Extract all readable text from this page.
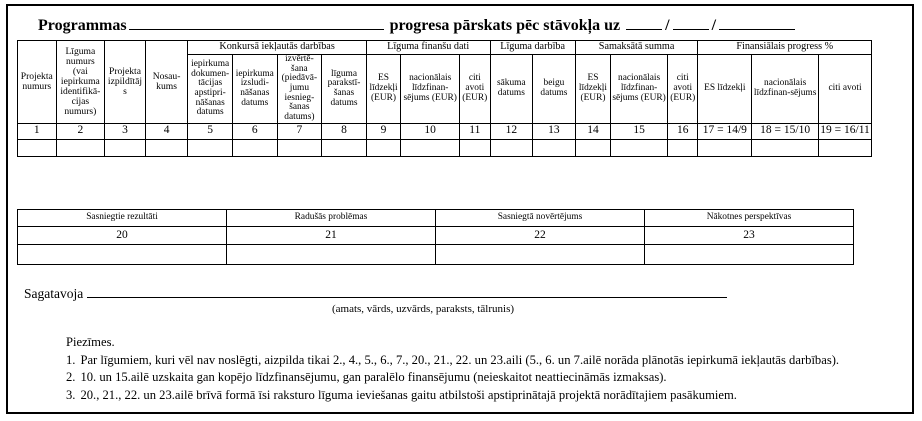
Programmas	progresa pārskats pēc stāvokļa uz	/	/
Projekta numurs	Līguma numurs (vai iepirkuma identifikā-cijas numurs)	Projekta izpildītājs	Nosau-kums	Konkursā iekļautās darbības				Līguma finanšu dati			Līguma darbība		Samaksātā summa			Finansiālais progress %		
				iepirkuma dokumen-tācijas apstipri-nāšanas datums	iepirkuma izsludi-nāšanas datums	izvērtē-šana (piedāvā-jumu iesnieg-šanas datums)	līguma parakstī-šanas datums	ES līdzekļi (EUR)	nacionālais līdzfinan-sējums (EUR)	citi avoti (EUR)	sākuma datums	beigu datums	ES līdzekļi (EUR)	nacionālais līdzfinan-sējums (EUR)	citi avoti (EUR)	ES līdzekļi	nacionālais līdzfinan-sējums	citi avoti
1	2	3	4	5	6	7	8	9	10	11	12	13	14	15	16	17 = 14/9	18 = 15/10	19 = 16/11

Sasniegtie rezultāti	Radušās problēmas	Sasniegtā novērtējums	Nākotnes perspektīvas
20	21	22	23

Sagatavoja
(amats, vārds, uzvārds, paraksts, tālrunis)
Piezīmes.
1. Par līgumiem, kuri vēl nav noslēgti, aizpilda tikai 2., 4., 5., 6., 7., 20., 21., 22. un 23.aili (5., 6. un 7.ailē norāda plānotās iepirkumā iekļautās darbības).
2. 10. un 15.ailē uzskaita gan kopējo līdzfinansējumu, gan paralēlo finansējumu (neieskaitot neattiecināmās izmaksas).
3. 20., 21., 22. un 23.ailē brīvā formā īsi raksturo līguma ieviešanas gaitu atbilstoši apstiprinātajā projektā norādītajiem pasākumiem.
